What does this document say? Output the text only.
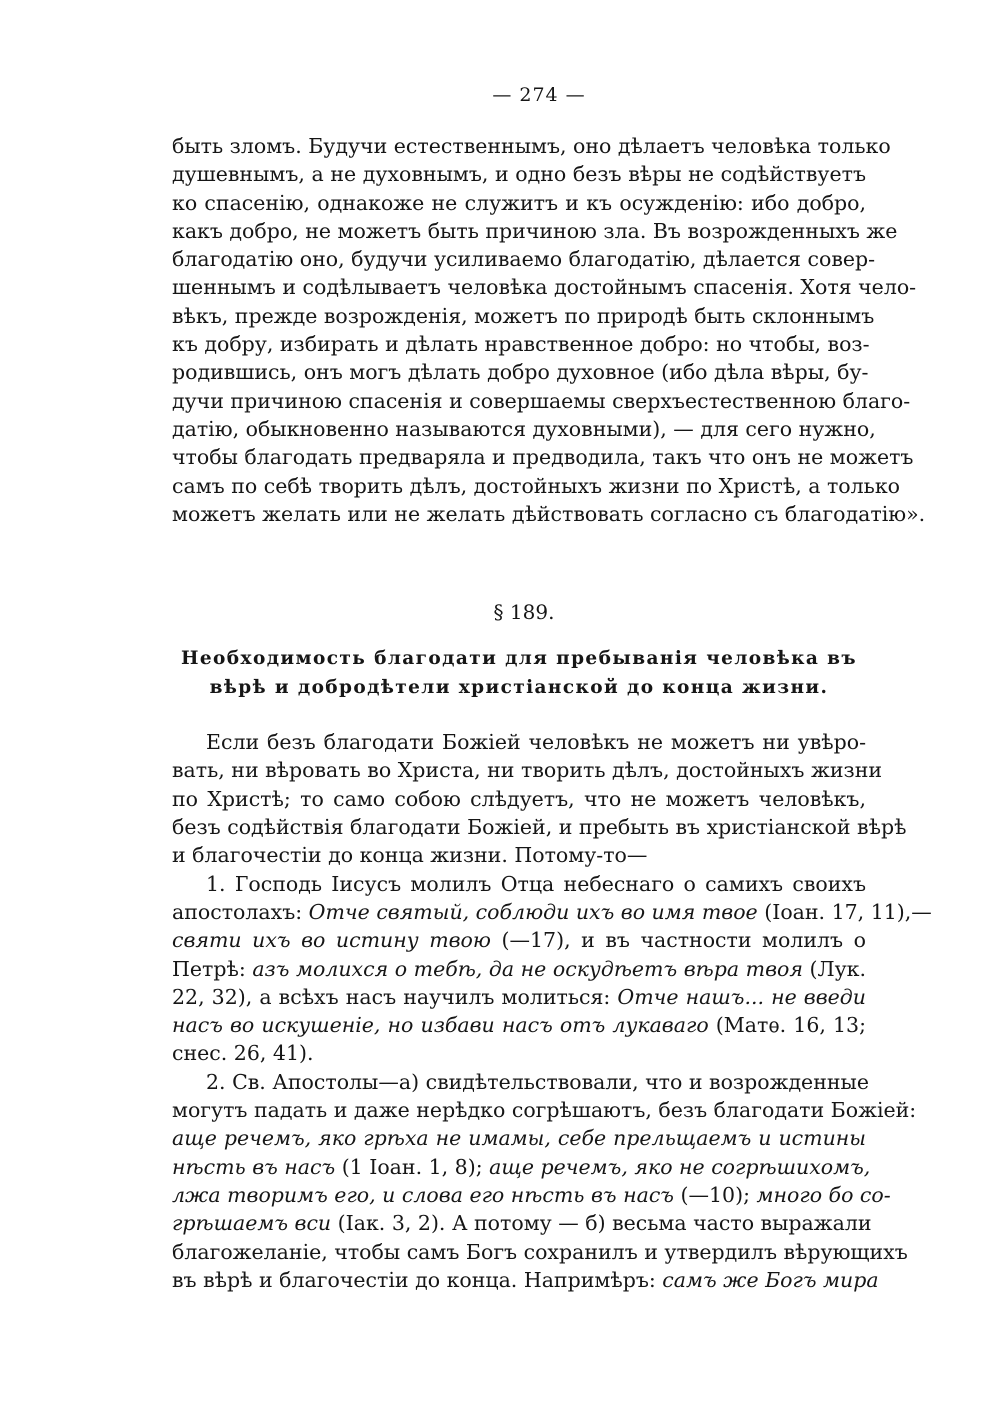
— 274 —

быть зломъ. Будучи естественнымъ, оно дѣлаетъ человѣка только
душевнымъ, а не духовнымъ, и одно безъ вѣры не содѣйствуетъ
ко спасенію, однакоже не служитъ и къ осужденію: ибо добро,
какъ добро, не можетъ быть причиною зла. Въ возрожденныхъ же
благодатію оно, будучи усиливаемо благодатію, дѣлается совер-
шеннымъ и содѣлываетъ человѣка достойнымъ спасенія. Хотя чело-
вѣкъ, прежде возрожденія, можетъ по природѣ быть склоннымъ
къ добру, избирать и дѣлать нравственное добро: но чтобы, воз-
родившись, онъ могъ дѣлать добро духовное (ибо дѣла вѣры, бу-
дучи причиною спасенія и совершаемы сверхъестественною благо-
датію, обыкновенно называются духовными), — для сего нужно,
чтобы благодать предваряла и предводила, такъ что онъ не можетъ
самъ по себѣ творить дѣлъ, достойныхъ жизни по Христѣ, а только
можетъ желать или не желать дѣйствовать согласно съ благодатію».

§ 189.
Необходимость благодати для пребыванія человѣка въ
вѣрѣ и добродѣтели христіанской до конца жизни.

Если безъ благодати Божіей человѣкъ не можетъ ни увѣро-
вать, ни вѣровать во Христа, ни творить дѣлъ, достойныхъ жизни
по Христѣ; то само собою слѣдуетъ, что не можетъ человѣкъ,
безъ содѣйствія благодати Божіей, и пребыть въ христіанской вѣрѣ
и благочестіи до конца жизни. Потому-то—

1. Господь Іисусъ молилъ Отца небеснаго о самихъ своихъ
апостолахъ: Отче святый, соблюди ихъ во имя твое (Іоан. 17, 11),—
святи ихъ во истину твою (—17), и въ частности молилъ о
Петрѣ: азъ молихся о тебѣ, да не оскудѣетъ вѣра твоя (Лук.
22, 32), а всѣхъ насъ научилъ молиться: Отче нашъ... не введи
насъ во искушеніе, но избави насъ отъ лукаваго (Матѳ. 16, 13;
снес. 26, 41).

2. Св. Апостолы—а) свидѣтельствовали, что и возрожденные
могутъ падать и даже нерѣдко согрѣшаютъ, безъ благодати Божіей:
аще речемъ, яко грѣха не имамы, себе прельщаемъ и истины
нѣсть въ насъ (1 Іоан. 1, 8); аще речемъ, яко не согрѣшихомъ,
лжа творимъ его, и слова его нѣсть въ насъ (—10); много бо со-
грѣшаемъ вси (Іак. 3, 2). А потому — б) весьма часто выражали
благожеланіе, чтобы самъ Богъ сохранилъ и утвердилъ вѣрующихъ
въ вѣрѣ и благочестіи до конца. Напримѣръ: самъ же Богъ мира
